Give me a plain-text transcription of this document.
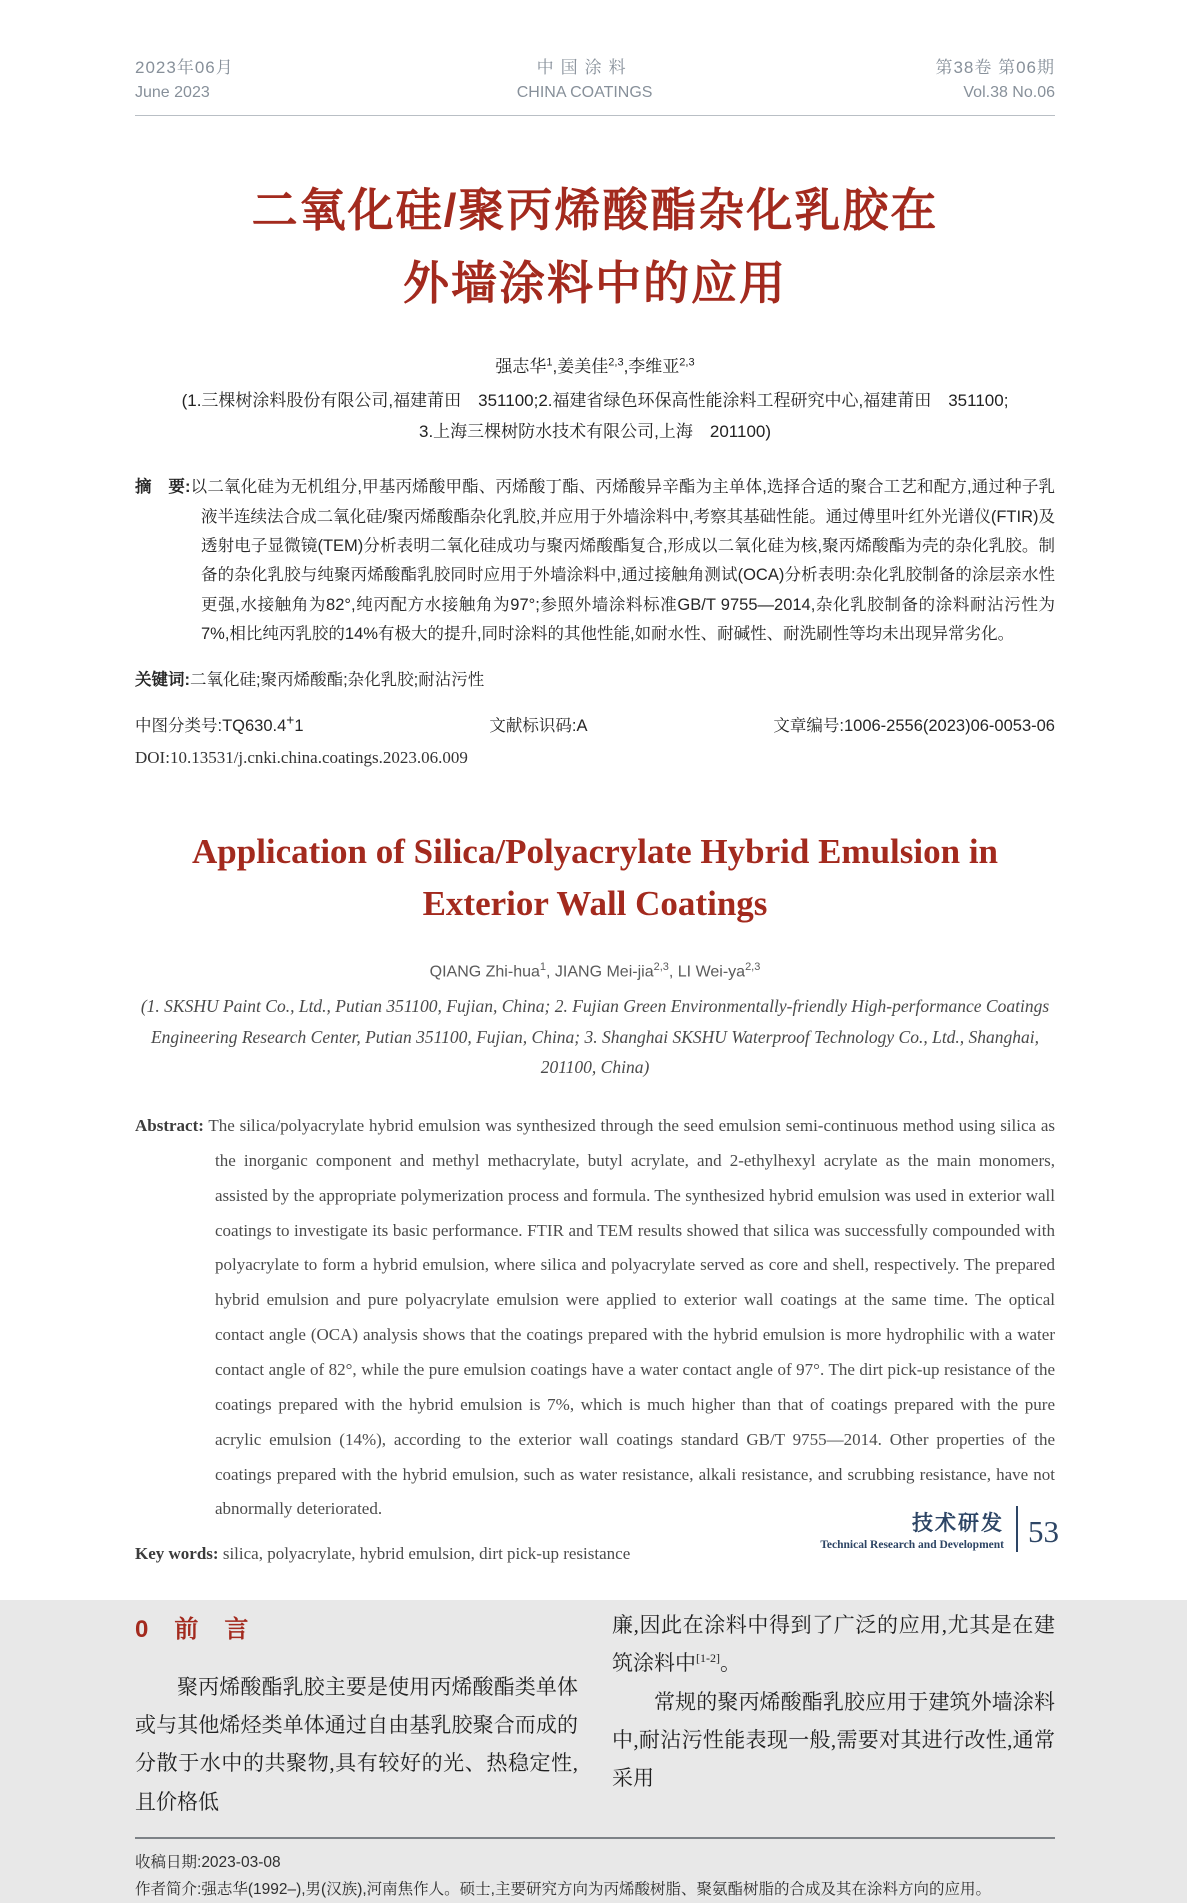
2023年06月
June 2023
中国涂料
CHINA COATINGS
第38卷 第06期
Vol.38 No.06
二氧化硅/聚丙烯酸酯杂化乳胶在
外墙涂料中的应用
强志华$^1$,姜美佳$^{2,3}$,李维亚$^{2,3}$
(1.三棵树涂料股份有限公司,福建莆田　351100;2.福建省绿色环保高性能涂料工程研究中心,福建莆田　351100;
3.上海三棵树防水技术有限公司,上海　201100)

摘　要:以二氧化硅为无机组分,甲基丙烯酸甲酯、丙烯酸丁酯、丙烯酸异辛酯为主单体,选择合适的聚合工艺和配方,通过种子乳液半连续法合成二氧化硅/聚丙烯酸酯杂化乳胶,并应用于外墙涂料中,考察其基础性能。通过傅里叶红外光谱仪(FTIR)及透射电子显微镜(TEM)分析表明二氧化硅成功与聚丙烯酸酯复合,形成以二氧化硅为核,聚丙烯酸酯为壳的杂化乳胶。制备的杂化乳胶与纯聚丙烯酸酯乳胶同时应用于外墙涂料中,通过接触角测试(OCA)分析表明:杂化乳胶制备的涂层亲水性更强,水接触角为82°,纯丙配方水接触角为97°;参照外墙涂料标准GB/T 9755—2014,杂化乳胶制备的涂料耐沾污性为7%,相比纯丙乳胶的14%有极大的提升,同时涂料的其他性能,如耐水性、耐碱性、耐洗刷性等均未出现异常劣化。

关键词:二氧化硅;聚丙烯酸酯;杂化乳胶;耐沾污性

中图分类号:TQ630.4+1	文献标识码:A	文章编号:1006-2556(2023)06-0053-06
DOI:10.13531/j.cnki.china.coatings.2023.06.009
Application of Silica/Polyacrylate Hybrid Emulsion in
Exterior Wall Coatings
QIANG Zhi-hua$^1$, JIANG Mei-jia$^{2,3}$, LI Wei-ya$^{2,3}$
(1. SKSHU Paint Co., Ltd., Putian 351100, Fujian, China; 2. Fujian Green Environmentally-friendly High-performance Coatings Engineering Research Center, Putian 351100, Fujian, China; 3. Shanghai SKSHU Waterproof Technology Co., Ltd., Shanghai, 201100, China)

Abstract: The silica/polyacrylate hybrid emulsion was synthesized through the seed emulsion semi-continuous method using silica as the inorganic component and methyl methacrylate, butyl acrylate, and 2-ethylhexyl acrylate as the main monomers, assisted by the appropriate polymerization process and formula. The synthesized hybrid emulsion was used in exterior wall coatings to investigate its basic performance. FTIR and TEM results showed that silica was successfully compounded with polyacrylate to form a hybrid emulsion, where silica and polyacrylate served as core and shell, respectively. The prepared hybrid emulsion and pure polyacrylate emulsion were applied to exterior wall coatings at the same time. The optical contact angle (OCA) analysis shows that the coatings prepared with the hybrid emulsion is more hydrophilic with a water contact angle of 82°, while the pure emulsion coatings have a water contact angle of 97°. The dirt pick-up resistance of the coatings prepared with the hybrid emulsion is 7%, which is much higher than that of coatings prepared with the pure acrylic emulsion (14%), according to the exterior wall coatings standard GB/T 9755—2014. Other properties of the coatings prepared with the hybrid emulsion, such as water resistance, alkali resistance, and scrubbing resistance, have not abnormally deteriorated.

Key words: silica, polyacrylate, hybrid emulsion, dirt pick-up resistance

0 前言

聚丙烯酸酯乳胶主要是使用丙烯酸酯类单体或与其他烯烃类单体通过自由基乳胶聚合而成的分散于水中的共聚物,具有较好的光、热稳定性,且价格低

廉,因此在涂料中得到了广泛的应用,尤其是在建筑涂料中[1-2]。

常规的聚丙烯酸酯乳胶应用于建筑外墙涂料中,耐沾污性能表现一般,需要对其进行改性,通常采用

收稿日期:2023-03-08
作者简介:强志华(1992–),男(汉族),河南焦作人。硕士,主要研究方向为丙烯酸树脂、聚氨酯树脂的合成及其在涂料方向的应用。
技术研发
Technical Research and Development 53
